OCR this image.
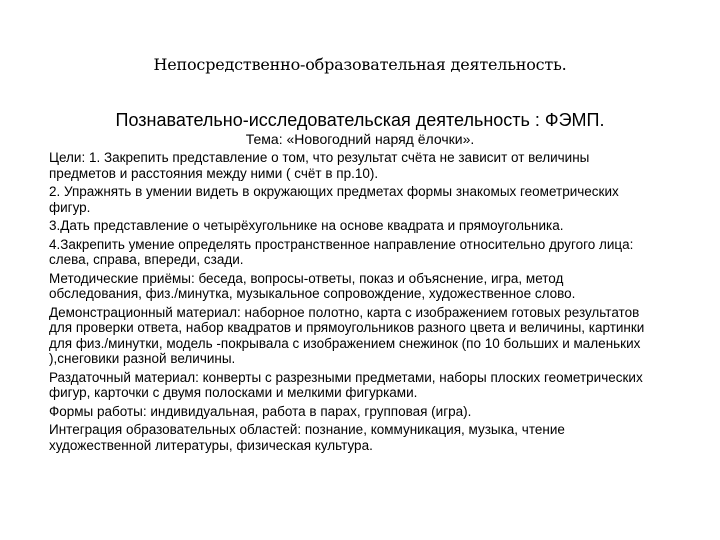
Непосредственно-образовательная деятельность.
Познавательно-исследовательская деятельность : ФЭМП.
Тема: «Новогодний наряд ёлочки».

Цели: 1. Закрепить представление о том, что результат счёта не зависит от величины предметов и расстояния между ними ( счёт в пр.10).

2. Упражнять в умении видеть в окружающих предметах формы знакомых геометрических фигур.

3.Дать представление о четырёхугольнике на основе квадрата и прямоугольника.

4.Закрепить умение определять пространственное направление относительно другого лица: слева, справа, впереди, сзади.

Методические приёмы: беседа, вопросы-ответы, показ и объяснение, игра, метод обследования, физ./минутка, музыкальное сопровождение, художественное слово.

Демонстрационный материал: наборное полотно, карта с изображением готовых результатов для проверки ответа, набор квадратов и прямоугольников разного цвета и величины, картинки для физ./минутки, модель -покрывала с изображением снежинок (по 10 больших и маленьких ),снеговики разной величины.

Раздаточный материал: конверты с разрезными предметами, наборы плоских геометрических фигур, карточки с двумя полосками и мелкими фигурками.

Формы работы: индивидуальная, работа в парах, групповая (игра).

Интеграция образовательных областей: познание, коммуникация, музыка, чтение художественной литературы, физическая культура.
